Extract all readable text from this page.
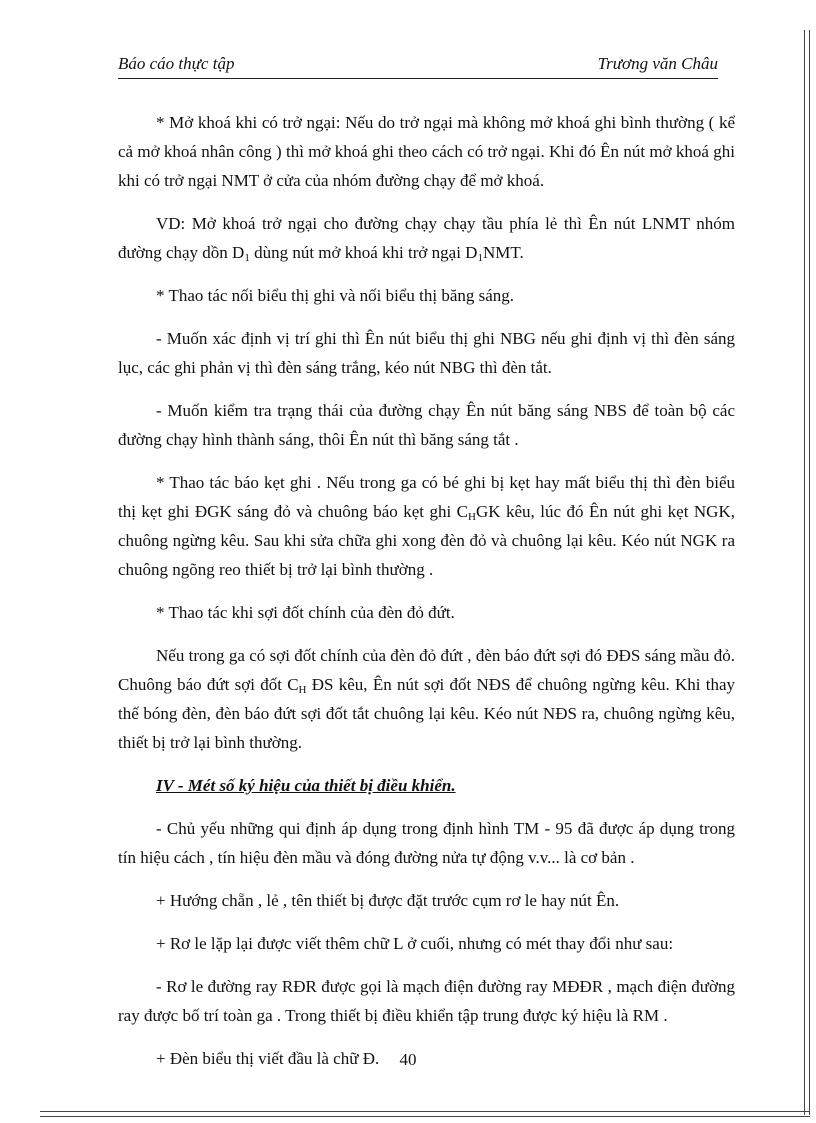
Báo cáo thực tập	Trương văn Châu

* Mở khoá khi có trở ngại: Nếu do trở ngại mà không mở khoá ghi bình thường ( kể cả mở khoá nhân công ) thì mở khoá ghi theo cách có trở ngại. Khi đó Ên nút mở khoá ghi khi có trở ngại NMT ở cửa của nhóm đường chạy để mở khoá.

VD: Mở khoá trở ngại cho đường chạy chạy tầu phía lẻ thì Ên nút LNMT nhóm đường chạy dồn $D_1$ dùng nút mở khoá khi trở ngại $D_1NMT$.

* Thao tác nối biểu thị ghi và nối biểu thị băng sáng.

- Muốn xác định vị trí ghi thì Ên nút biểu thị ghi NBG nếu ghi định vị thì đèn sáng lục, các ghi phản vị thì đèn sáng trắng, kéo nút NBG thì đèn tắt.

- Muốn kiểm tra trạng thái của đường chạy Ên nút băng sáng NBS để toàn bộ các đường chạy hình thành sáng, thôi Ên nút thì băng sáng tắt .

* Thao tác báo kẹt ghi . Nếu trong ga có bé ghi bị kẹt hay mất biểu thị thì đèn biểu thị kẹt ghi ĐGK sáng đỏ và chuông báo kẹt ghi $C_HGK$ kêu, lúc đó Ên nút ghi kẹt NGK, chuông ngừng kêu. Sau khi sửa chữa ghi xong đèn đỏ và chuông lại kêu. Kéo nút NGK ra chuông ngõng reo thiết bị trở lại bình thường .

* Thao tác khi sợi đốt chính của đèn đỏ đứt.

Nếu trong ga có sợi đốt chính của đèn đỏ đứt , đèn báo đứt sợi đó ĐĐS sáng mầu đỏ. Chuông báo đứt sợi đốt $C_H$ ĐS kêu, Ên nút sợi đốt NĐS để chuông ngừng kêu. Khi thay thế bóng đèn, đèn báo đứt sợi đốt tắt chuông lại kêu. Kéo nút NĐS ra, chuông ngừng kêu, thiết bị trở lại bình thường.

IV - Mét số ký hiệu của thiết bị điều khiển.

- Chủ yếu những qui định áp dụng trong định hình TM - 95 đã được áp dụng trong tín hiệu cách , tín hiệu đèn mầu và đóng đường nửa tự động v.v... là cơ bản .

+ Hướng chẵn , lẻ , tên thiết bị được đặt trước cụm rơ le hay nút Ên.

+ Rơ le lặp lại được viết thêm chữ L ở cuối, nhưng có mét thay đổi như sau:

- Rơ le đường ray RĐR được gọi là mạch điện đường ray MĐĐR , mạch điện đường ray được bố trí toàn ga . Trong thiết bị điều khiển tập trung được ký hiệu là RM .

+ Đèn biểu thị viết đầu là chữ Đ.	40
